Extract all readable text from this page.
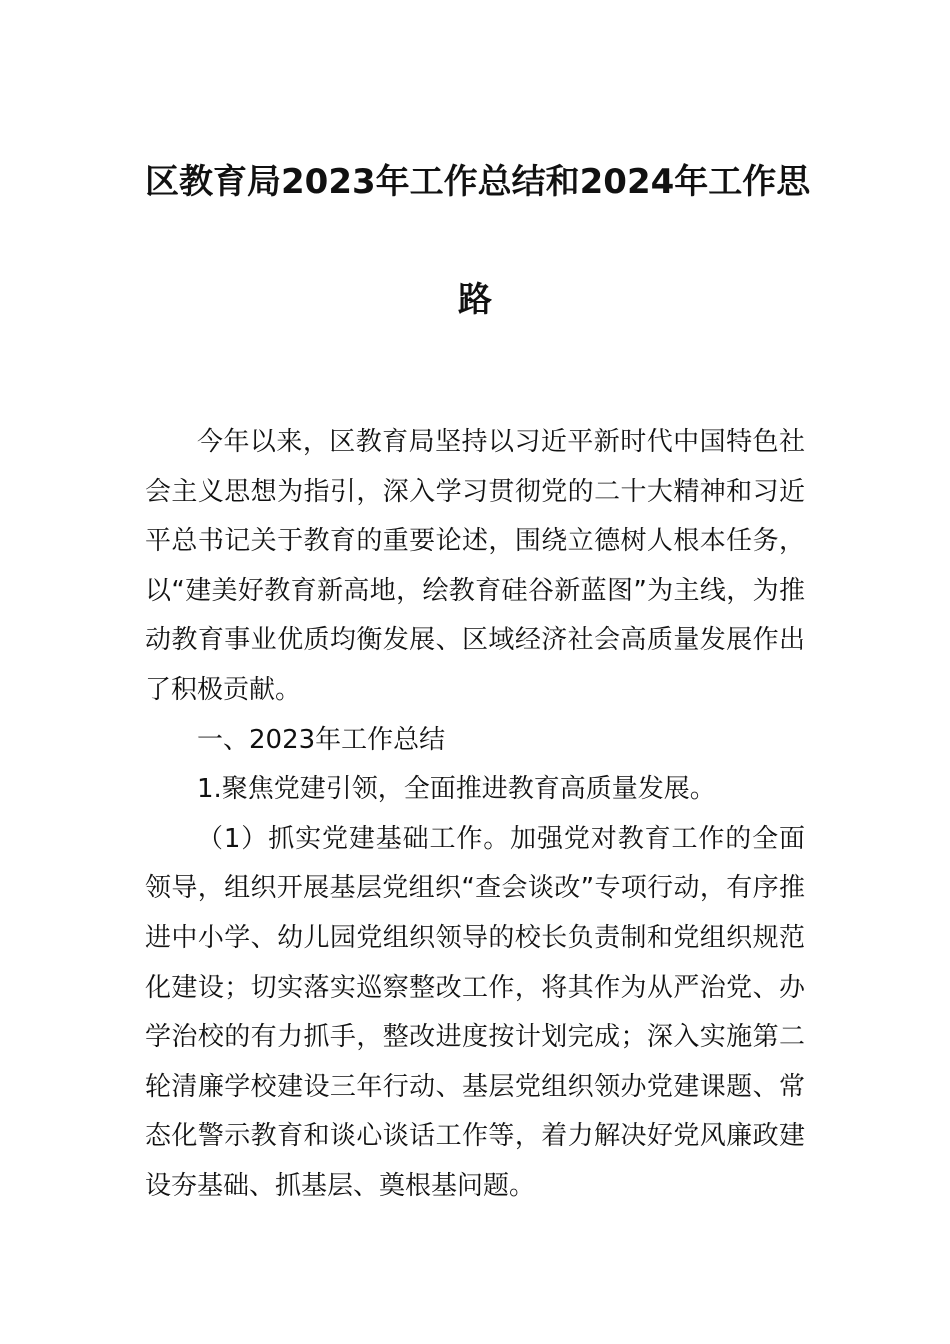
区教育局2023年工作总结和2024年工作思
路

今年以来，区教育局坚持以习近平新时代中国特色社会主义思想为指引，深入学习贯彻党的二十大精神和习近平总书记关于教育的重要论述，围绕立德树人根本任务，以“建美好教育新高地，绘教育硅谷新蓝图”为主线，为推动教育事业优质均衡发展、区域经济社会高质量发展作出了积极贡献。

一、2023年工作总结

1.聚焦党建引领，全面推进教育高质量发展。

（1）抓实党建基础工作。加强党对教育工作的全面领导，组织开展基层党组织“查会谈改”专项行动，有序推进中小学、幼儿园党组织领导的校长负责制和党组织规范化建设；切实落实巡察整改工作，将其作为从严治党、办学治校的有力抓手，整改进度按计划完成；深入实施第二轮清廉学校建设三年行动、基层党组织领办党建课题、常态化警示教育和谈心谈话工作等，着力解决好党风廉政建设夯基础、抓基层、奠根基问题。
